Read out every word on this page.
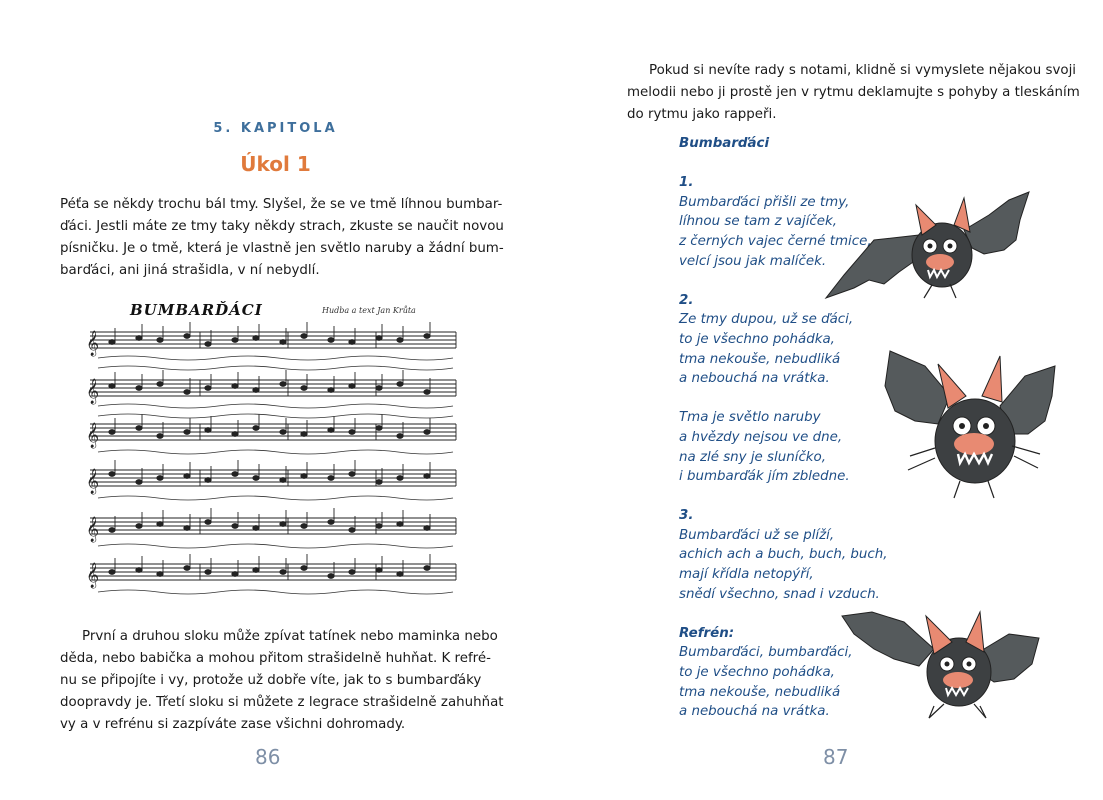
5. KAPITOLA
Úkol 1
Péťa se někdy trochu bál tmy. Slyšel, že se ve tmě líhnou bumbar-
ďáci. Jestli máte ze tmy taky někdy strach, zkuste se naučit novou
písničku. Je o tmě, která je vlastně jen světlo naruby a žádní bum-
barďáci, ani jiná strašidla, v ní nebydlí.
𝄞
𝄞
𝄞
𝄞
𝄞
𝄞
BUMBARĎÁCI	Hudba a text Jan Krůta
První a druhou sloku může zpívat tatínek nebo maminka nebo
děda, nebo babička a mohou přitom strašidelně huhňat. K refré-
nu se připojíte i vy, protože už dobře víte, jak to s bumbarďáky
doopravdy je. Třetí sloku si můžete z legrace strašidelně zahuhňat
vy a v refrénu si zazpíváte zase všichni dohromady.
86
Pokud si nevíte rady s notami, klidně si vymyslete nějakou svoji
melodii nebo ji prostě jen v rytmu deklamujte s pohyby a tleskáním
do rytmu jako rappeři.
Bumbarďáci
1.
Bumbarďáci přišli ze tmy,
líhnou se tam z vajíček,
z černých vajec černé tmice,
velcí jsou jak malíček.
2.
Ze tmy dupou, už se ďáci,
to je všechno pohádka,
tma nekouše, nebudliká
a nebouchá na vrátka.
Tma je světlo naruby
a hvězdy nejsou ve dne,
na zlé sny je sluníčko,
i bumbarďák jím zbledne.
3.
Bumbarďáci už se plíží,
achich ach a buch, buch, buch,
mají křídla netopýří,
snědí všechno, snad i vzduch.
Refrén:
Bumbarďáci, bumbarďáci,
to je všechno pohádka,
tma nekouše, nebudliká
a nebouchá na vrátka.
87
